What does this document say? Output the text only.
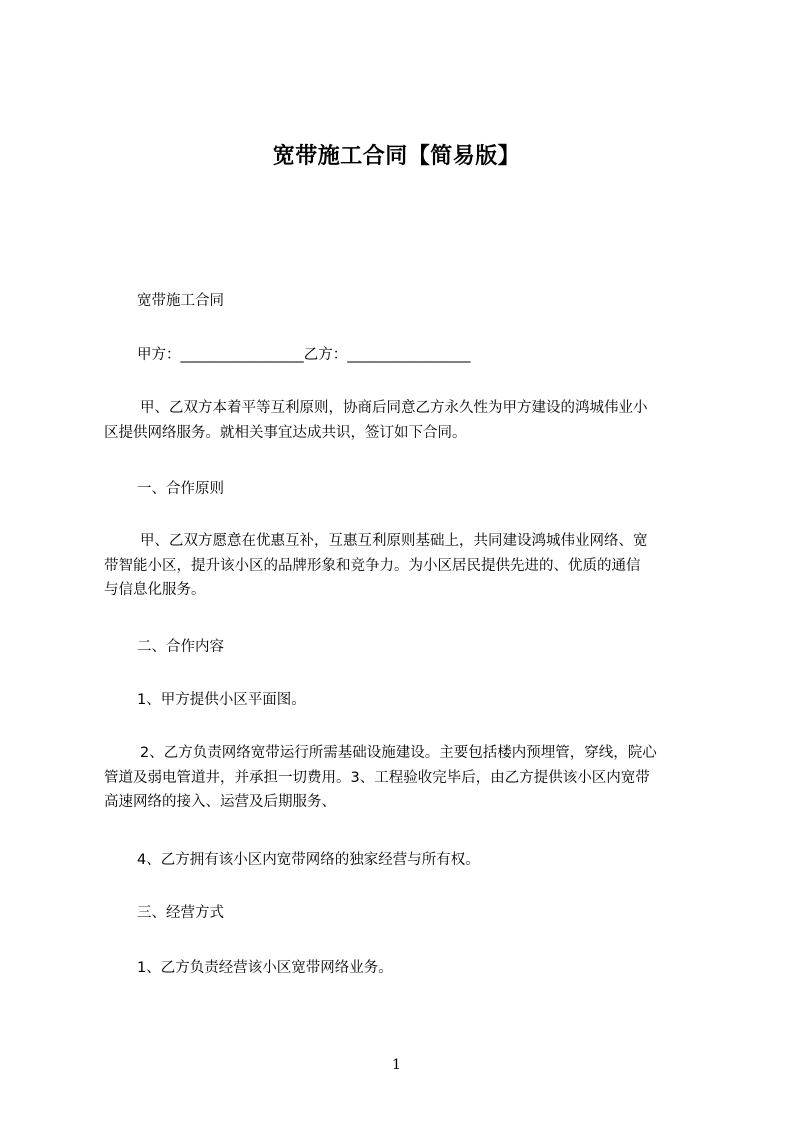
宽带施工合同【简易版】

宽带施工合同

甲方：_________________乙方：_________________

甲、乙双方本着平等互利原则，协商后同意乙方永久性为甲方建设的鸿城伟业小
区提供网络服务。就相关事宜达成共识，签订如下合同。

一、合作原则

甲、乙双方愿意在优惠互补，互惠互利原则基础上，共同建设鸿城伟业网络、宽
带智能小区，提升该小区的品牌形象和竞争力。为小区居民提供先进的、优质的通信
与信息化服务。

二、合作内容

1、甲方提供小区平面图。

2、乙方负责网络宽带运行所需基础设施建设。主要包括楼内预埋管，穿线，院心
管道及弱电管道井，并承担一切费用。3、工程验收完毕后，由乙方提供该小区内宽带
高速网络的接入、运营及后期服务、

4、乙方拥有该小区内宽带网络的独家经营与所有权。

三、经营方式

1、乙方负责经营该小区宽带网络业务。

1
